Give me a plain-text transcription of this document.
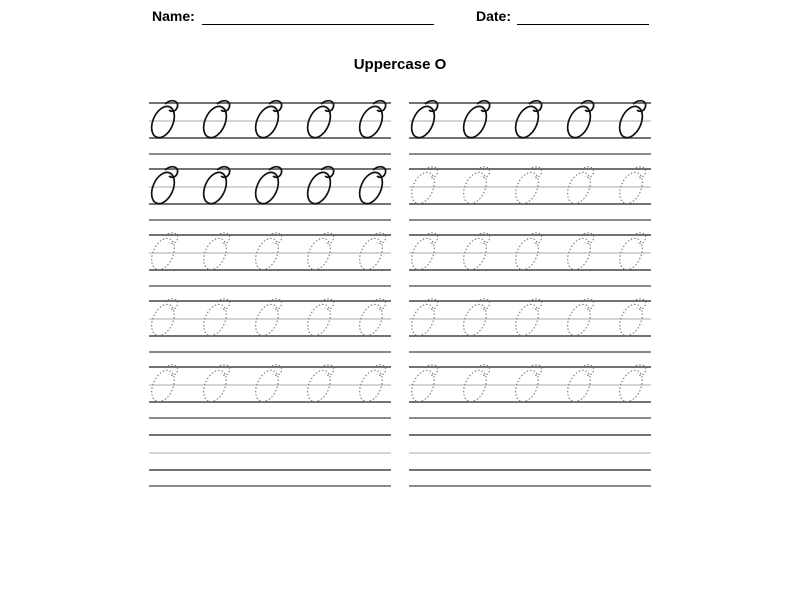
Name:	Date:
Uppercase O
